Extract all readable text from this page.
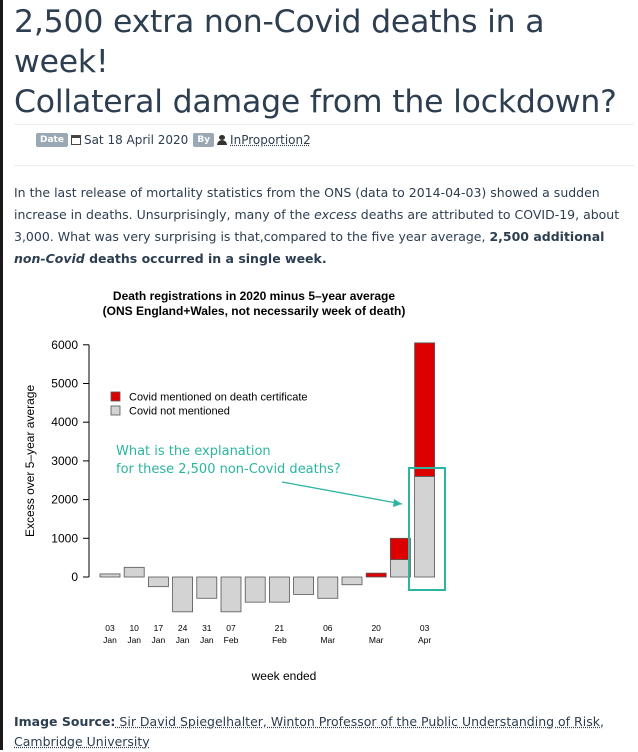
2,500 extra non-Covid deaths in a week!
Collateral damage from the lockdown?
Date	Sat 18 April 2020	By	InProportion2

In the last release of mortality statistics from the ONS (data to 2014-04-03) showed a sudden increase in deaths. Unsurprisingly, many of the excess deaths are attributed to COVID-19, about 3,000. What was very surprising is that,compared to the five year average, 2,500 additional non-Covid deaths occurred in a single week.

Death registrations in 2020 minus 5–year average
(ONS England+Wales, not necessarily week of death)
0
1000
2000
3000
4000
5000
6000
03
Jan
10
Jan
17
Jan
24
Jan
31
Jan
07
Feb
21
Feb
06
Mar
20
Mar
03
Apr
Excess over 5–year average
week ended
Covid mentioned on death certificate
Covid not mentioned
What is the explanation
for these 2,500 non-Covid deaths?

Image Source: Sir David Spiegelhalter, Winton Professor of the Public Understanding of Risk, Cambridge University
